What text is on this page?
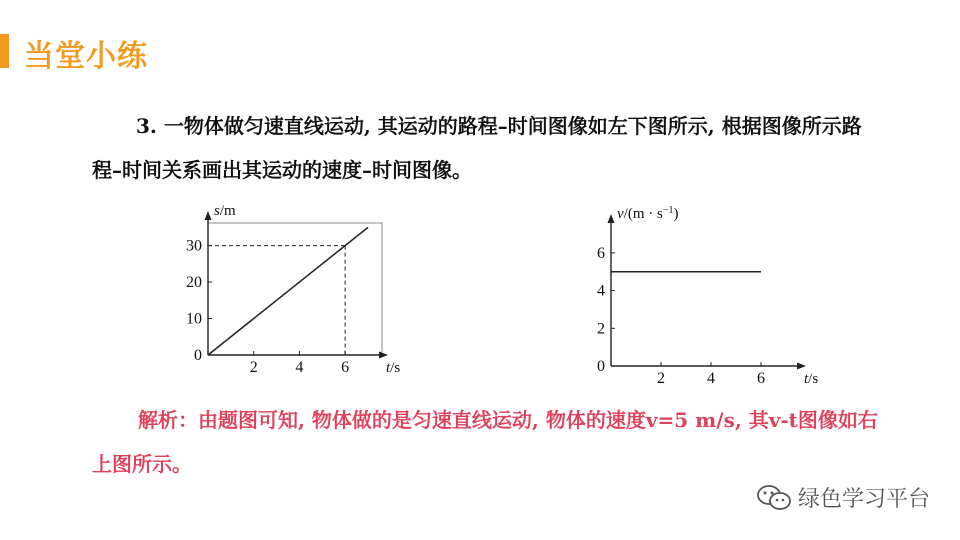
当堂小练
3. 一物体做匀速直线运动, 其运动的路程–时间图像如左下图所示, 根据图像所示路程–时间关系画出其运动的速度–时间图像。
0
2 4 6
10
20
30
t/s
s/m
0
2	4	6
2
4
6
t/s
$v/(m \cdot s^{-1})$
解析：由题图可知, 物体做的是匀速直线运动, 物体的速度v=5 m/s, 其v-t图像如右上图所示。
绿色学习平台
